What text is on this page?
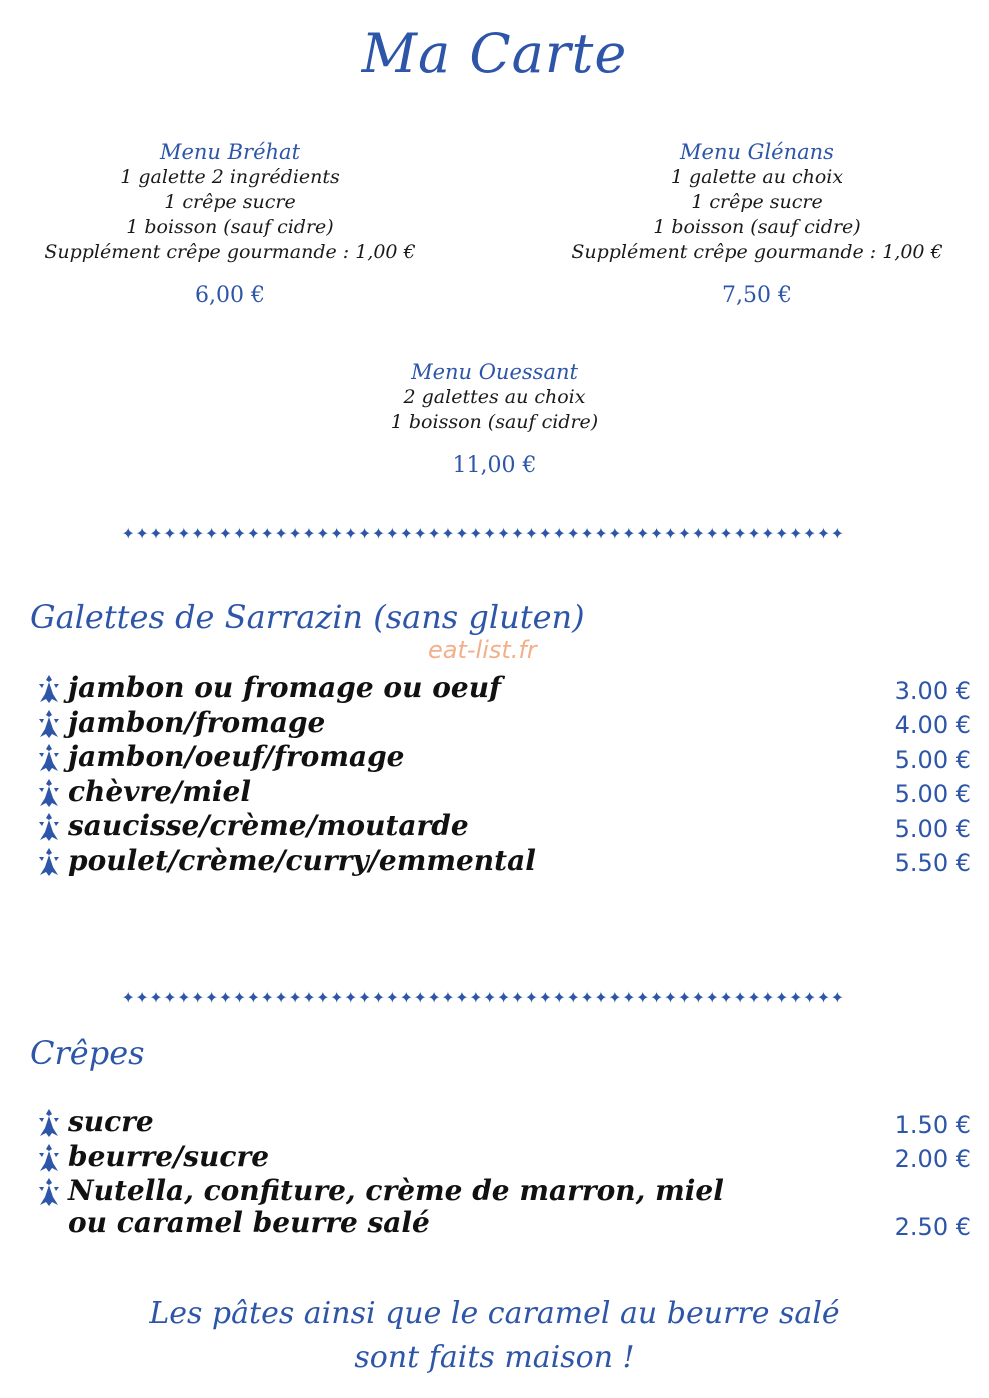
Ma Carte
Menu Bréhat
1 galette 2 ingrédients
1 crêpe sucre
1 boisson (sauf cidre)
Supplément crêpe gourmande : 1,00 €
6,00 €
Menu Glénans
1 galette au choix
1 crêpe sucre
1 boisson (sauf cidre)
Supplément crêpe gourmande : 1,00 €
7,50 €
Menu Ouessant
2 galettes au choix
1 boisson (sauf cidre)
11,00 €
✦✦✦✦✦✦✦✦✦✦✦✦✦✦✦✦✦✦✦✦✦✦✦✦✦✦✦✦✦✦✦✦✦✦✦✦✦✦✦✦✦✦✦✦✦✦✦✦✦✦✦✦
Galettes de Sarrazin (sans gluten)
eat-list.fr
jambon ou fromage ou oeuf	3.00 €
jambon/fromage	4.00 €
jambon/oeuf/fromage	5.00 €
chèvre/miel	5.00 €
saucisse/crème/moutarde	5.00 €
poulet/crème/curry/emmental	5.50 €
✦✦✦✦✦✦✦✦✦✦✦✦✦✦✦✦✦✦✦✦✦✦✦✦✦✦✦✦✦✦✦✦✦✦✦✦✦✦✦✦✦✦✦✦✦✦✦✦✦✦✦✦
Crêpes
sucre	1.50 €
beurre/sucre	2.00 €
Nutella, confiture, crème de marron, miel
ou caramel beurre salé	2.50 €
Les pâtes ainsi que le caramel au beurre salé
sont faits maison !
